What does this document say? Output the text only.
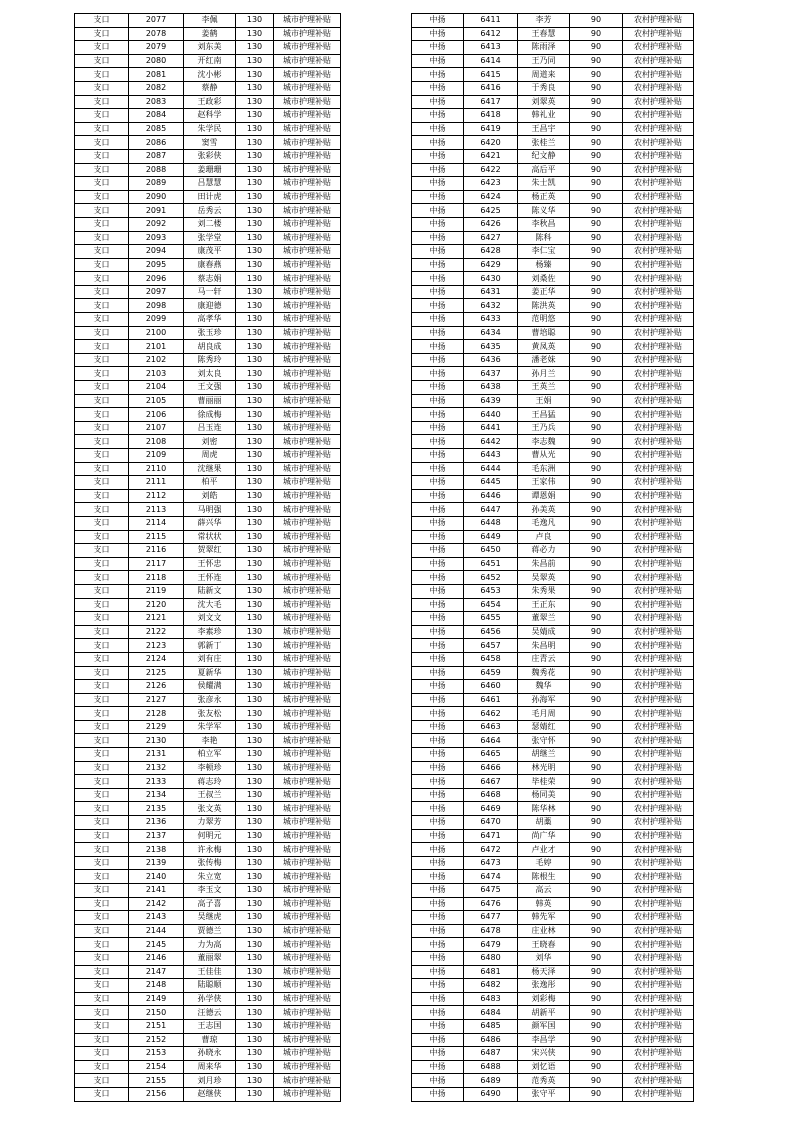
支口	2077	李佩	130	城市护理补贴
支口	2078	姜鹤	130	城市护理补贴
支口	2079	刘东美	130	城市护理补贴
支口	2080	开红南	130	城市护理补贴
支口	2081	沈小彬	130	城市护理补贴
支口	2082	蔡静	130	城市护理补贴
支口	2083	王政彩	130	城市护理补贴
支口	2084	赵科学	130	城市护理补贴
支口	2085	朱学民	130	城市护理补贴
支口	2086	窦雪	130	城市护理补贴
支口	2087	张彩侠	130	城市护理补贴
支口	2088	姜珊珊	130	城市护理补贴
支口	2089	吕慧慧	130	城市护理补贴
支口	2090	田计虎	130	城市护理补贴
支口	2091	岳秀云	130	城市护理补贴
支口	2092	刘二楼	130	城市护理补贴
支口	2093	张学堂	130	城市护理补贴
支口	2094	康茂平	130	城市护理补贴
支口	2095	康春燕	130	城市护理补贴
支口	2096	蔡志娟	130	城市护理补贴
支口	2097	马一轩	130	城市护理补贴
支口	2098	康迎德	130	城市护理补贴
支口	2099	高孝华	130	城市护理补贴
支口	2100	张玉珍	130	城市护理补贴
支口	2101	胡良成	130	城市护理补贴
支口	2102	陈秀玲	130	城市护理补贴
支口	2103	刘太良	130	城市护理补贴
支口	2104	王文强	130	城市护理补贴
支口	2105	曹丽丽	130	城市护理补贴
支口	2106	徐成梅	130	城市护理补贴
支口	2107	吕玉连	130	城市护理补贴
支口	2108	刘密	130	城市护理补贴
支口	2109	周虎	130	城市护理补贴
支口	2110	沈继果	130	城市护理补贴
支口	2111	柏平	130	城市护理补贴
支口	2112	刘皓	130	城市护理补贴
支口	2113	马明强	130	城市护理补贴
支口	2114	薛兴华	130	城市护理补贴
支口	2115	常状状	130	城市护理补贴
支口	2116	贺翠红	130	城市护理补贴
支口	2117	王怀忠	130	城市护理补贴
支口	2118	王怀连	130	城市护理补贴
支口	2119	陆新文	130	城市护理补贴
支口	2120	沈大毛	130	城市护理补贴
支口	2121	刘文文	130	城市护理补贴
支口	2122	李素珍	130	城市护理补贴
支口	2123	郭新丁	130	城市护理补贴
支口	2124	刘有庄	130	城市护理补贴
支口	2125	夏新华	130	城市护理补贴
支口	2126	侯耀满	130	城市护理补贴
支口	2127	张彦永	130	城市护理补贴
支口	2128	张友松	130	城市护理补贴
支口	2129	朱学军	130	城市护理补贴
支口	2130	李艳	130	城市护理补贴
支口	2131	柏立军	130	城市护理补贴
支口	2132	李顿珍	130	城市护理补贴
支口	2133	蒋志玲	130	城市护理补贴
支口	2134	王叔兰	130	城市护理补贴
支口	2135	张文英	130	城市护理补贴
支口	2136	力翠芳	130	城市护理补贴
支口	2137	何明元	130	城市护理补贴
支口	2138	许永梅	130	城市护理补贴
支口	2139	张传梅	130	城市护理补贴
支口	2140	朱立宽	130	城市护理补贴
支口	2141	李玉文	130	城市护理补贴
支口	2142	高子喜	130	城市护理补贴
支口	2143	吴继虎	130	城市护理补贴
支口	2144	贾德兰	130	城市护理补贴
支口	2145	力为高	130	城市护理补贴
支口	2146	董丽翠	130	城市护理补贴
支口	2147	王佳佳	130	城市护理补贴
支口	2148	陆聪顺	130	城市护理补贴
支口	2149	孙学侠	130	城市护理补贴
支口	2150	汪德云	130	城市护理补贴
支口	2151	王志国	130	城市护理补贴
支口	2152	曹琼	130	城市护理补贴
支口	2153	孙晓永	130	城市护理补贴
支口	2154	周来华	130	城市护理补贴
支口	2155	刘月珍	130	城市护理补贴
支口	2156	赵继侠	130	城市护理补贴
中扬	6411	李芳	90	农村护理补贴
中扬	6412	王春慧	90	农村护理补贴
中扬	6413	陈雨泽	90	农村护理补贴
中扬	6414	王乃同	90	农村护理补贴
中扬	6415	周道来	90	农村护理补贴
中扬	6416	于秀良	90	农村护理补贴
中扬	6417	刘翠英	90	农村护理补贴
中扬	6418	韩礼业	90	农村护理补贴
中扬	6419	王昌宇	90	农村护理补贴
中扬	6420	张桂兰	90	农村护理补贴
中扬	6421	纪文静	90	农村护理补贴
中扬	6422	高后平	90	农村护理补贴
中扬	6423	朱士凯	90	农村护理补贴
中扬	6424	杨正英	90	农村护理补贴
中扬	6425	陈义华	90	农村护理补贴
中扬	6426	李秋昌	90	农村护理补贴
中扬	6427	陈科	90	农村护理补贴
中扬	6428	李仁宝	90	农村护理补贴
中扬	6429	杨臻	90	农村护理补贴
中扬	6430	刘桑佐	90	农村护理补贴
中扬	6431	姜正华	90	农村护理补贴
中扬	6432	陈洪英	90	农村护理补贴
中扬	6433	范明悠	90	农村护理补贴
中扬	6434	曹培聪	90	农村护理补贴
中扬	6435	黄凤英	90	农村护理补贴
中扬	6436	潘老妹	90	农村护理补贴
中扬	6437	孙月兰	90	农村护理补贴
中扬	6438	王英兰	90	农村护理补贴
中扬	6439	王娟	90	农村护理补贴
中扬	6440	王昌猛	90	农村护理补贴
中扬	6441	王乃兵	90	农村护理补贴
中扬	6442	李志魏	90	农村护理补贴
中扬	6443	曹从光	90	农村护理补贴
中扬	6444	毛东洲	90	农村护理补贴
中扬	6445	王家伟	90	农村护理补贴
中扬	6446	谭恩娟	90	农村护理补贴
中扬	6447	孙美英	90	农村护理补贴
中扬	6448	毛逸凡	90	农村护理补贴
中扬	6449	卢良	90	农村护理补贴
中扬	6450	蒋必力	90	农村护理补贴
中扬	6451	朱昌前	90	农村护理补贴
中扬	6452	吴翠英	90	农村护理补贴
中扬	6453	朱秀果	90	农村护理补贴
中扬	6454	王正东	90	农村护理补贴
中扬	6455	董翠兰	90	农村护理补贴
中扬	6456	吴婧成	90	农村护理补贴
中扬	6457	朱昌明	90	农村护理补贴
中扬	6458	庄青云	90	农村护理补贴
中扬	6459	魏秀花	90	农村护理补贴
中扬	6460	魏华	90	农村护理补贴
中扬	6461	孙海军	90	农村护理补贴
中扬	6462	毛月周	90	农村护理补贴
中扬	6463	瑟婧红	90	农村护理补贴
中扬	6464	张守怀	90	农村护理补贴
中扬	6465	胡继兰	90	农村护理补贴
中扬	6466	林光明	90	农村护理补贴
中扬	6467	毕桂荣	90	农村护理补贴
中扬	6468	杨同美	90	农村护理补贴
中扬	6469	陈华林	90	农村护理补贴
中扬	6470	胡藁	90	农村护理补贴
中扬	6471	尚广华	90	农村护理补贴
中扬	6472	卢业才	90	农村护理补贴
中扬	6473	毛婷	90	农村护理补贴
中扬	6474	陈根生	90	农村护理补贴
中扬	6475	高云	90	农村护理补贴
中扬	6476	韩英	90	农村护理补贴
中扬	6477	韩先军	90	农村护理补贴
中扬	6478	庄业林	90	农村护理补贴
中扬	6479	王晓春	90	农村护理补贴
中扬	6480	刘华	90	农村护理补贴
中扬	6481	杨天泽	90	农村护理补贴
中扬	6482	张逸彤	90	农村护理补贴
中扬	6483	刘彩梅	90	农村护理补贴
中扬	6484	胡新平	90	农村护理补贴
中扬	6485	颜军国	90	农村护理补贴
中扬	6486	李昌学	90	农村护理补贴
中扬	6487	宋兴侠	90	农村护理补贴
中扬	6488	刘忆语	90	农村护理补贴
中扬	6489	范秀英	90	农村护理补贴
中扬	6490	张守平	90	农村护理补贴
